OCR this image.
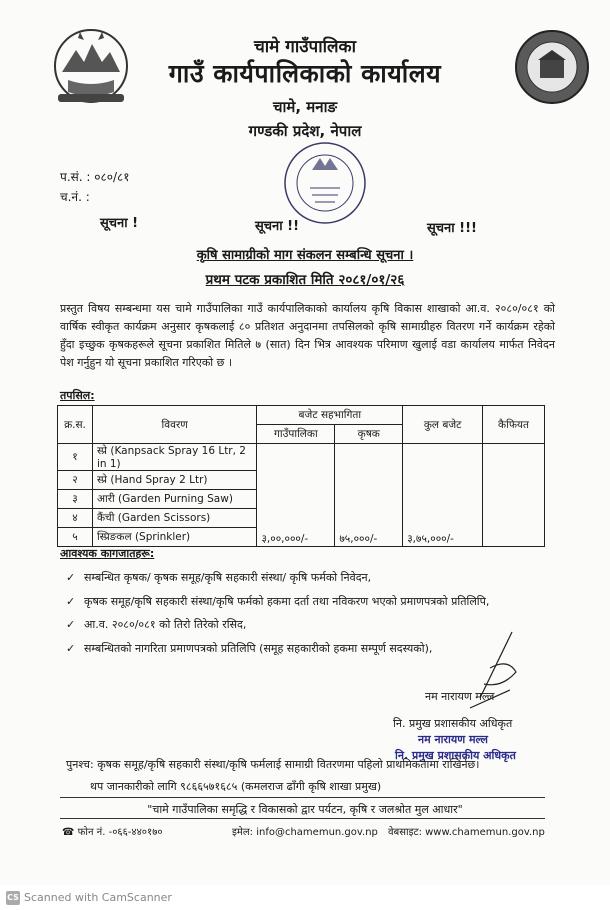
चामे गाउँपालिका
गाउँ कार्यपालिकाको कार्यालय
चामे, मनाङ
गण्डकी प्रदेश, नेपाल
प.सं. : ०८०/८१
च.नं. :
सूचना !	सूचना !!	सूचना !!!
कृषि सामाग्रीको माग संकलन सम्बन्धि सूचना ।
प्रथम पटक प्रकाशित मिति २०८१/०१/२६
प्रस्तुत विषय सम्बन्धमा यस चामे गाउँपालिका गाउँ कार्यपालिकाको कार्यालय कृषि विकास शाखाको आ.व. २०८०/०८१ को वार्षिक स्वीकृत कार्यक्रम अनुसार कृषकलाई ८० प्रतिशत अनुदानमा तपसिलको कृषि सामाग्रीहरु वितरण गर्ने कार्यक्रम रहेको हुँदा इच्छुक कृषकहरूले सूचना प्रकाशित मितिले ७ (सात) दिन भित्र आवश्यक परिमाण खुलाई वडा कार्यालय मार्फत निवेदन पेश गर्नुहुन यो सूचना प्रकाशित गरिएको छ ।
तपसिल:
क्र.स.	विवरण	बजेट सहभागिता		कुल बजेट	कैफियत
		गाउँपालिका	कृषक		
१	स्प्रे (Kanpsack Spray 16 Ltr, 2 in 1)	३,००,०००/-	७५,०००/-	३,७५,०००/-	
२	स्प्रे (Hand Spray 2 Ltr)				
३	आरी (Garden Purning Saw)				
४	कैंची (Garden Scissors)				
५	स्प्रिङकल (Sprinkler)				
आवश्यक कागजातहरू:
✓ सम्बन्धित कृषक/ कृषक समूह/कृषि सहकारी संस्था/ कृषि फर्मको निवेदन,
✓ कृषक समूह/कृषि सहकारी संस्था/कृषि फर्मको हकमा दर्ता तथा नविकरण भएको प्रमाणपत्रको प्रतिलिपि,
✓ आ.व. २०८०/०८१ को तिरो तिरेको रसिद,
✓ सम्बन्धितको नागरिता प्रमाणपत्रको प्रतिलिपि (समूह सहकारीको हकमा सम्पूर्ण सदस्यको),
नम नारायण मल्ल
नि. प्रमुख प्रशासकीय अधिकृत
नम नारायण मल्ल
नि. प्रमुख प्रशासकीय अधिकृत
पुनश्च: कृषक समूह/कृषि सहकारी संस्था/कृषि फर्मलाई सामाग्री वितरणमा पहिलो प्राथमिकतामा राखिनेछ।
थप जानकारीको लागि ९८६६५७१६८५ (कमलराज ढाँगी कृषि शाखा प्रमुख)
"चामे गाउँपालिका समृद्धि र विकासको द्वार पर्यटन, कृषि र जलश्रोत मुल आधार"
☎ फोन नं. -०६६-४४०१७०	इमेल: info@chamemun.gov.np वेबसाइट: www.chamemun.gov.np
CS Scanned with CamScanner
